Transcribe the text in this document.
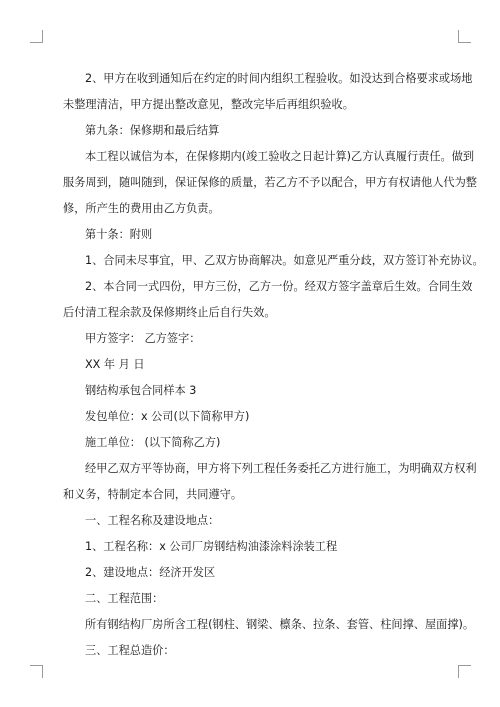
2、甲方在收到通知后在约定的时间内组织工程验收。如没达到合格要求或场地

未整理清洁，甲方提出整改意见，整改完毕后再组织验收。

第九条：保修期和最后结算

本工程以诚信为本，在保修期内(竣工验收之日起计算)乙方认真履行责任。做到

服务周到，随叫随到，保证保修的质量，若乙方不予以配合，甲方有权请他人代为整

修，所产生的费用由乙方负责。

第十条：附则

1、合同未尽事宜，甲、乙双方协商解决。如意见严重分歧，双方签订补充协议。

2、本合同一式四份，甲方三份，乙方一份。经双方签字盖章后生效。合同生效

后付清工程余款及保修期终止后自行失效。

甲方签字： 乙方签字：

XX 年 月 日

钢结构承包合同样本 3

发包单位：x 公司(以下简称甲方)

施工单位： (以下简称乙方)

经甲乙双方平等协商，甲方将下列工程任务委托乙方进行施工，为明确双方权利

和义务，特制定本合同，共同遵守。

一、工程名称及建设地点：

1、工程名称：x 公司厂房钢结构油漆涂料涂装工程

2、建设地点：经济开发区

二、工程范围：

所有钢结构厂房所含工程(钢柱、钢梁、檩条、拉条、套管、柱间撑、屋面撑)。

三、工程总造价：
